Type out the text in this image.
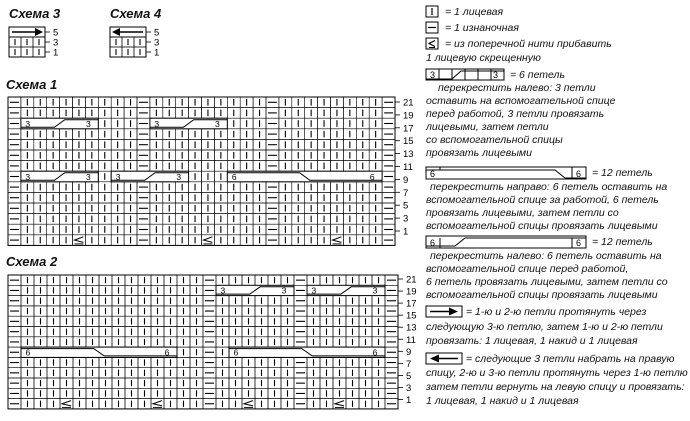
Схема 3	Схема 4
Схема 1
Схема 2
5
3
1
5
3
1
3	3	3	3
3	3	3	3	6	6
21
19
17
15
13
11
9
7
5
3
1
3	3	3	3
6	6	6	6
21
19
17
15
13
11
9
7
5
3
1
3	3
6	6
6	6
= 1 лицевая
= 1 изнаночная
= из поперечной нити прибавить
1 лицевую скрещенную
= 6 петель
перекрестить налево: 3 петли
оставить на вспомогательной спице
перед работой, 3 петли провязать
лицевыми, затем петли
со вспомогательной спицы
провязать лицевыми
= 12 петель
перекрестить направо: 6 петель оставить на
вспомогательной спице за работой, 6 петель
провязать лицевыми, затем петли со
вспомогательной спицы провязать лицевыми
= 12 петель
перекрестить налево: 6 петель оставить на
вспомогательной спице перед работой,
6 петель провязать лицевыми, затем петли со
вспомогательной спицы провязать лицевыми
= 1-ю и 2-ю петли протянуть через
следующую 3-ю петлю, затем 1-ю и 2-ю петли
провязать: 1 лицевая, 1 накид и 1 лицевая
= следующие 3 петли набрать на правую
спицу, 2-ю и 3-ю петли протянуть через 1-ю петлю
затем петли вернуть на левую спицу и провязать:
1 лицевая, 1 накид и 1 лицевая
